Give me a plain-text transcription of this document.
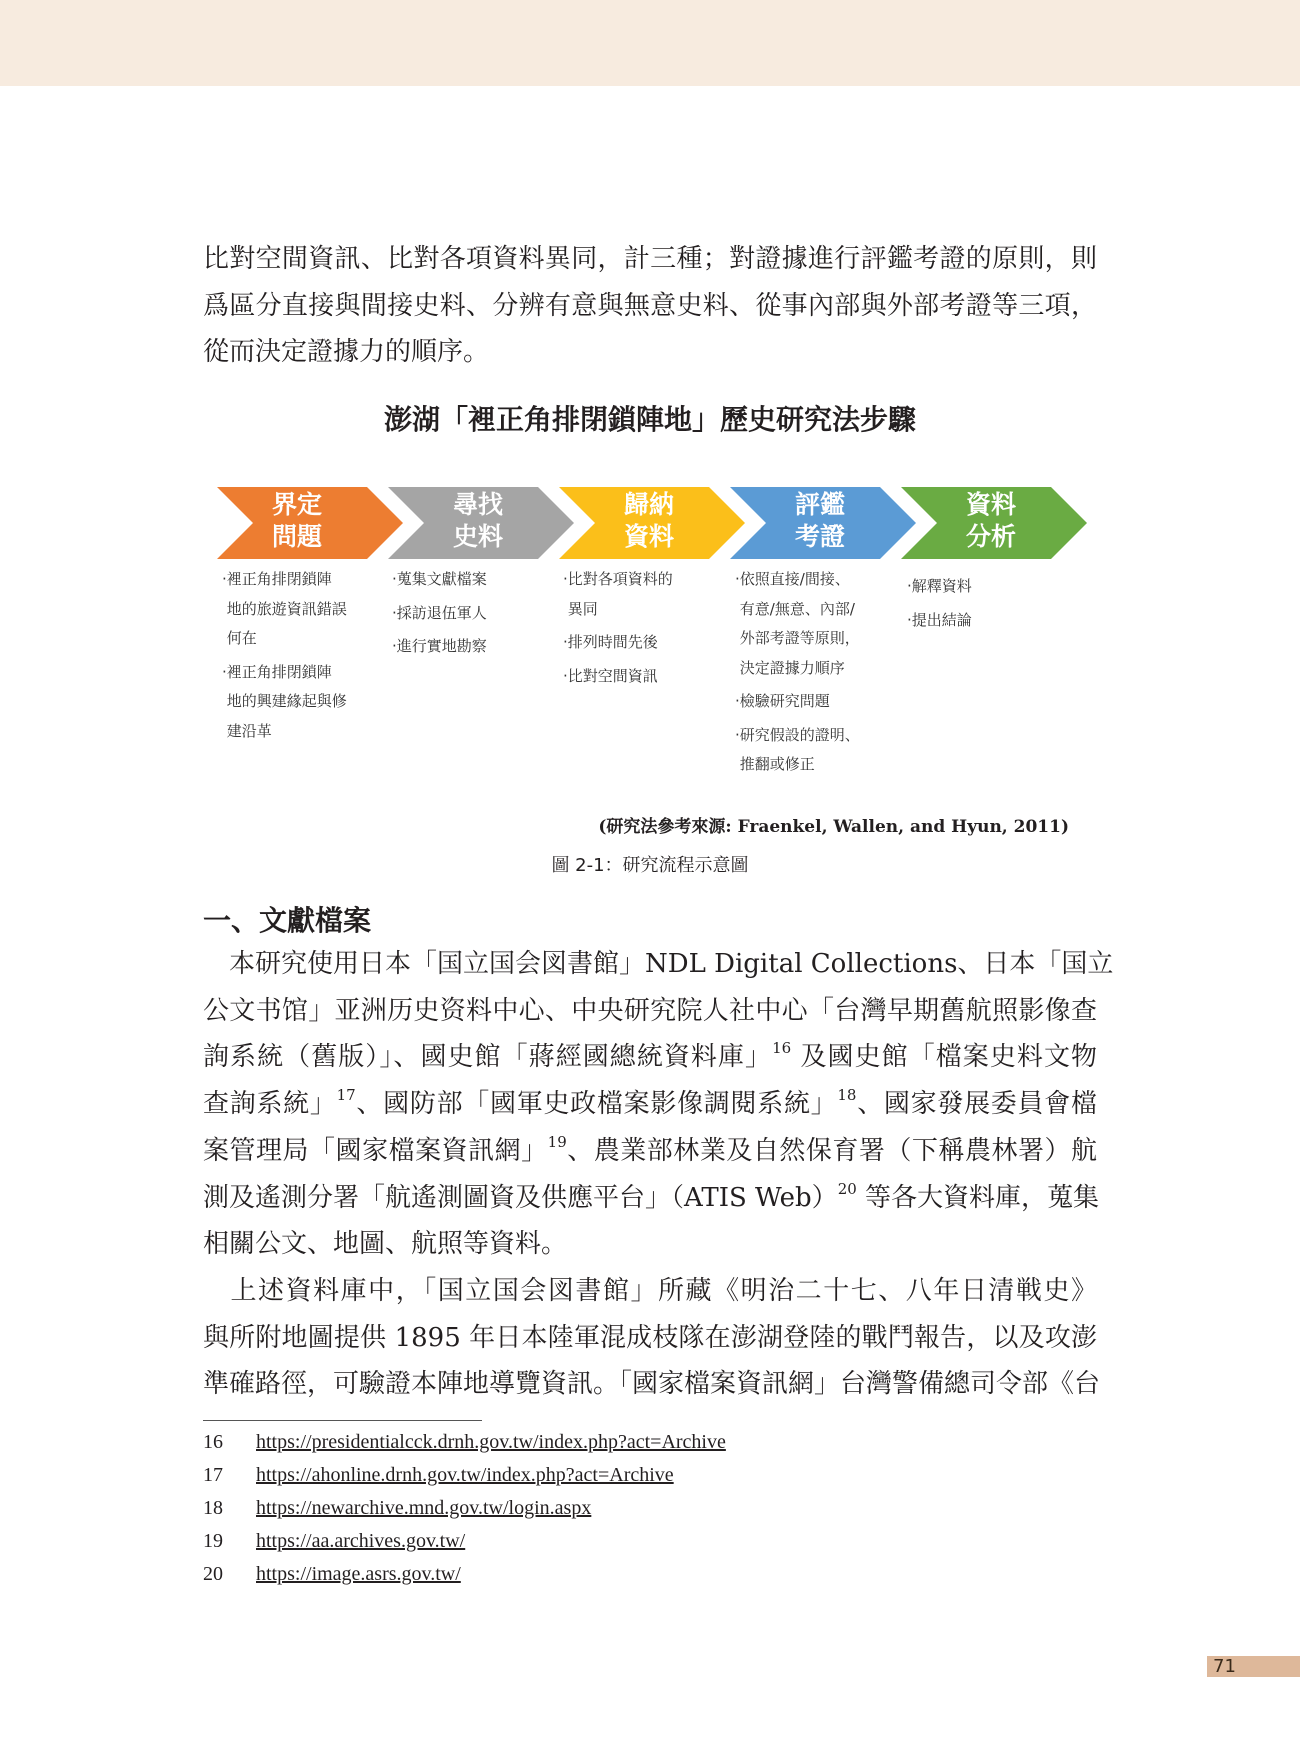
比對空間資訊、比對各項資料異同，計三種；對證據進行評鑑考證的原則，則
爲區分直接與間接史料、分辨有意與無意史料、從事內部與外部考證等三項，
從而決定證據力的順序。
澎湖「裡正角排閉鎖陣地」歷史研究法步驟
界定
問題
‧裡正角排閉鎖陣
地的旅遊資訊錯誤
何在
‧裡正角排閉鎖陣
地的興建緣起與修
建沿革
尋找
史料
‧蒐集文獻檔案
‧採訪退伍軍人
‧進行實地勘察
歸納
資料
‧比對各項資料的
異同
‧排列時間先後
‧比對空間資訊
評鑑
考證
‧依照直接/間接、
有意/無意、內部/
外部考證等原則，
決定證據力順序
‧檢驗研究問題
‧研究假設的證明、
推翻或修正
資料
分析
‧解釋資料
‧提出結論
(研究法參考來源: Fraenkel, Wallen, and Hyun, 2011)
圖 2-1：研究流程示意圖
一、文獻檔案
　本研究使用日本「国立国会図書館」NDL Digital Collections、日本「国立
公文书馆」亚洲历史资料中心、中央研究院人社中心「台灣早期舊航照影像查
詢系統（舊版）」、國史館「蔣經國總統資料庫」$^{16}$ 及國史館「檔案史料文物
查詢系統」$^{17}$、國防部「國軍史政檔案影像調閱系統」$^{18}$、國家發展委員會檔
案管理局「國家檔案資訊網」$^{19}$、農業部林業及自然保育署（下稱農林署）航
測及遙測分署「航遙測圖資及供應平台」（ATIS Web）$^{20}$ 等各大資料庫，蒐集
相關公文、地圖、航照等資料。
　上述資料庫中，「国立国会図書館」所藏《明治二十七、八年日清戦史》
與所附地圖提供 1895 年日本陸軍混成枝隊在澎湖登陸的戰鬥報告，以及攻澎
準確路徑，可驗證本陣地導覽資訊。「國家檔案資訊網」台灣警備總司令部《台
16 https://presidentialcck.drnh.gov.tw/index.php?act=Archive
17 https://ahonline.drnh.gov.tw/index.php?act=Archive
18 https://newarchive.mnd.gov.tw/login.aspx
19 https://aa.archives.gov.tw/
20 https://image.asrs.gov.tw/
71
